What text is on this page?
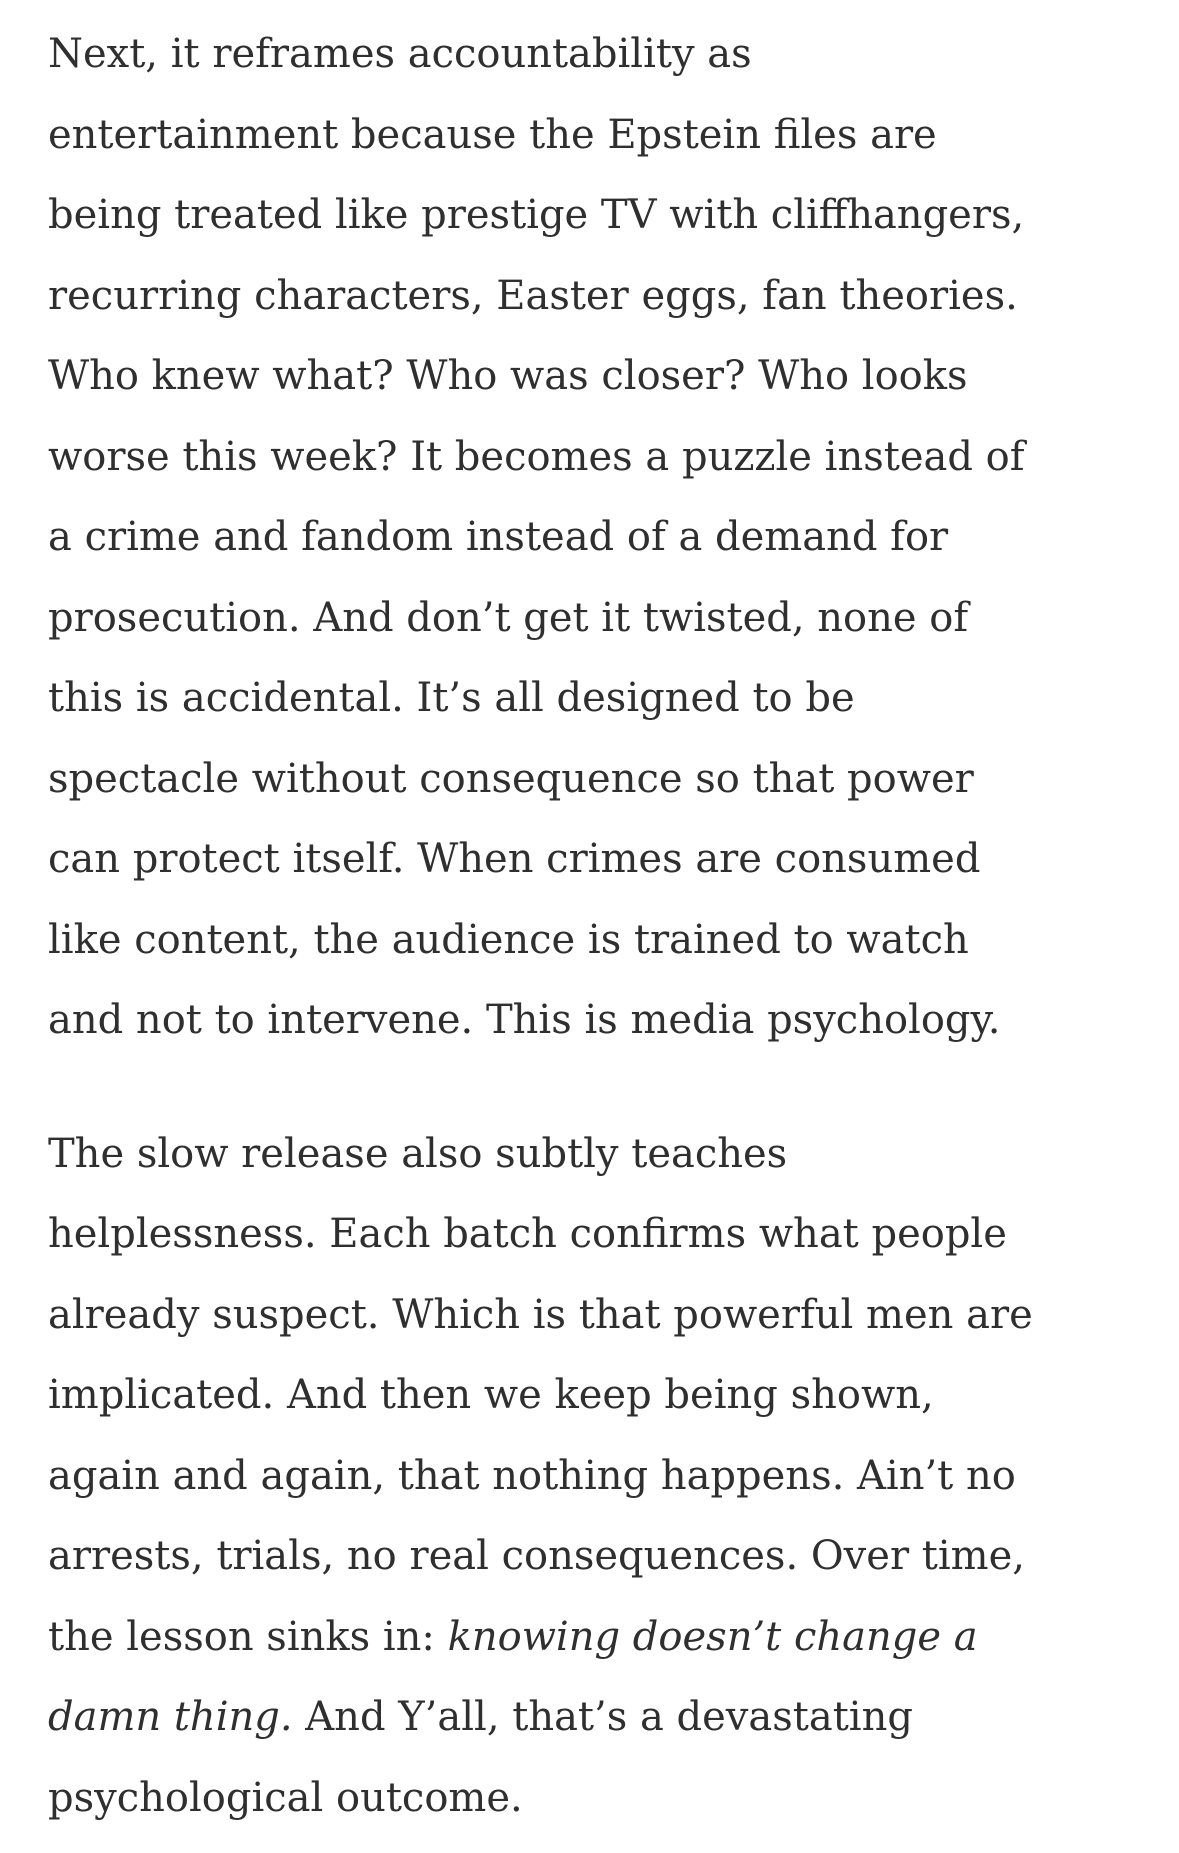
Next, it reframes accountability as
entertainment because the Epstein files are
being treated like prestige TV with cliffhangers,
recurring characters, Easter eggs, fan theories.
Who knew what? Who was closer? Who looks
worse this week? It becomes a puzzle instead of
a crime and fandom instead of a demand for
prosecution. And don’t get it twisted, none of
this is accidental. It’s all designed to be
spectacle without consequence so that power
can protect itself. When crimes are consumed
like content, the audience is trained to watch
and not to intervene. This is media psychology.

The slow release also subtly teaches
helplessness. Each batch confirms what people
already suspect. Which is that powerful men are
implicated. And then we keep being shown,
again and again, that nothing happens. Ain’t no
arrests, trials, no real consequences. Over time,
the lesson sinks in: knowing doesn’t change a
damn thing. And Y’all, that’s a devastating
psychological outcome.
